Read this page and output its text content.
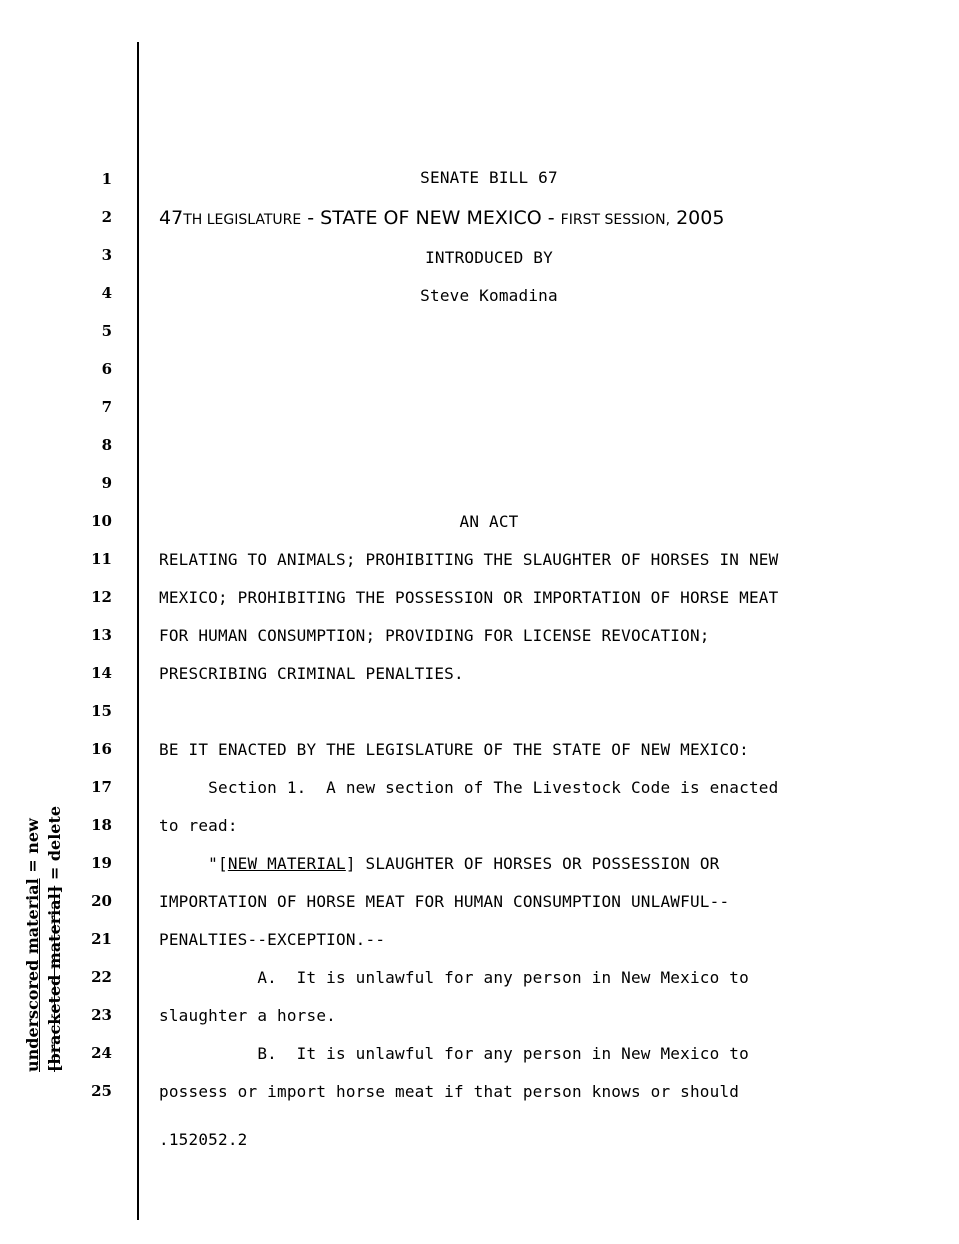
1
2
3
4
5
6
7
8
9
10
11
12
13
14
15
16
17
18
19
20
21
22
23
24
25
SENATE BILL 67
47TH LEGISLATURE - STATE OF NEW MEXICO - FIRST SESSION, 2005
INTRODUCED BY
Steve Komadina
AN ACT
RELATING TO ANIMALS; PROHIBITING THE SLAUGHTER OF HORSES IN NEW
MEXICO; PROHIBITING THE POSSESSION OR IMPORTATION OF HORSE MEAT
FOR HUMAN CONSUMPTION; PROVIDING FOR LICENSE REVOCATION;
PRESCRIBING CRIMINAL PENALTIES.
BE IT ENACTED BY THE LEGISLATURE OF THE STATE OF NEW MEXICO:
Section 1.  A new section of The Livestock Code is enacted
to read:
"[NEW MATERIAL] SLAUGHTER OF HORSES OR POSSESSION OR
IMPORTATION OF HORSE MEAT FOR HUMAN CONSUMPTION UNLAWFUL--
PENALTIES--EXCEPTION.--
A.  It is unlawful for any person in New Mexico to
slaughter a horse.
B.  It is unlawful for any person in New Mexico to
possess or import horse meat if that person knows or should
.152052.2
underscored material = new
[bracketed material] = delete
